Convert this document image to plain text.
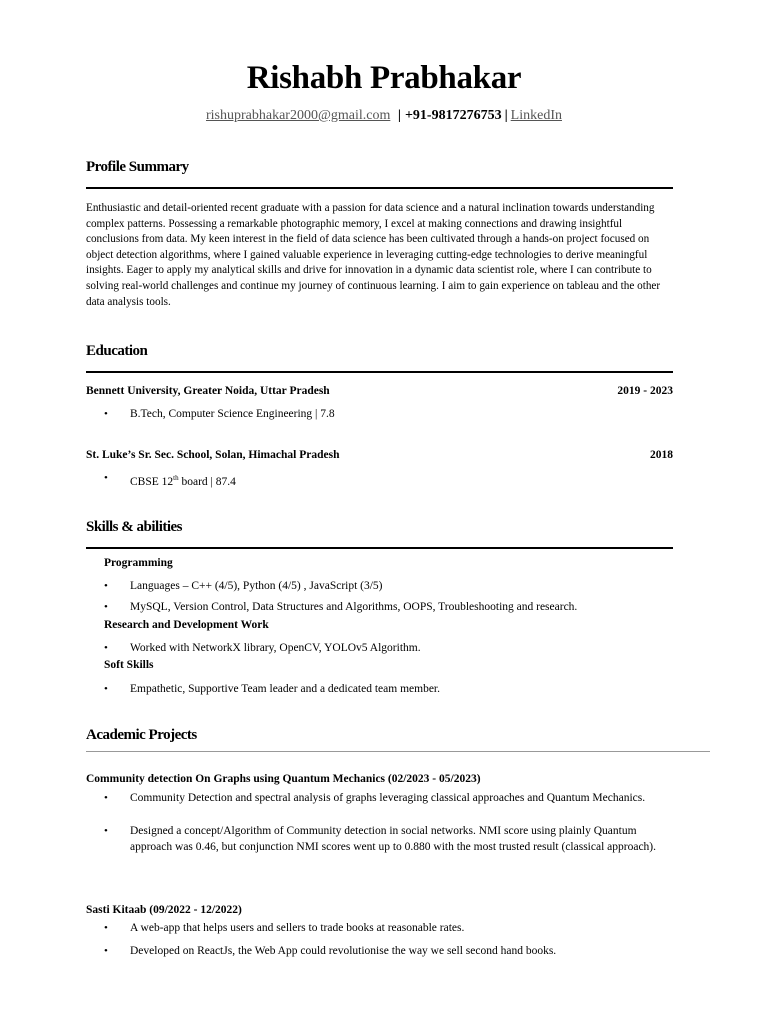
Rishabh Prabhakar
rishuprabhakar2000@gmail.com | +91-9817276753 | LinkedIn
Profile Summary

Enthusiastic and detail-oriented recent graduate with a passion for data science and a natural inclination towards understanding complex patterns. Possessing a remarkable photographic memory, I excel at making connections and drawing insightful conclusions from data. My keen interest in the field of data science has been cultivated through a hands-on project focused on object detection algorithms, where I gained valuable experience in leveraging cutting-edge technologies to derive meaningful insights. Eager to apply my analytical skills and drive for innovation in a dynamic data scientist role, where I can contribute to solving real-world challenges and continue my journey of continuous learning. I aim to gain experience on tableau and the other data analysis tools.

Education
Bennett University, Greater Noida, Uttar Pradesh	2019 - 2023
• B.Tech, Computer Science Engineering | 7.8
St. Luke’s Sr. Sec. School, Solan, Himachal Pradesh	2018
• CBSE 12th board | 87.4
Skills & abilities
Programming
• Languages – C++ (4/5), Python (4/5) , JavaScript (3/5)
• MySQL, Version Control, Data Structures and Algorithms, OOPS, Troubleshooting and research.
Research and Development Work
• Worked with NetworkX library, OpenCV, YOLOv5 Algorithm.
Soft Skills
• Empathetic, Supportive Team leader and a dedicated team member.
Academic Projects
Community detection On Graphs using Quantum Mechanics (02/2023 - 05/2023)
• Community Detection and spectral analysis of graphs leveraging classical approaches and Quantum Mechanics.
• Designed a concept/Algorithm of Community detection in social networks. NMI score using plainly Quantum approach was 0.46, but conjunction NMI scores went up to 0.880 with the most trusted result (classical approach).
Sasti Kitaab (09/2022 - 12/2022)
• A web-app that helps users and sellers to trade books at reasonable rates.
• Developed on ReactJs, the Web App could revolutionise the way we sell second hand books.
